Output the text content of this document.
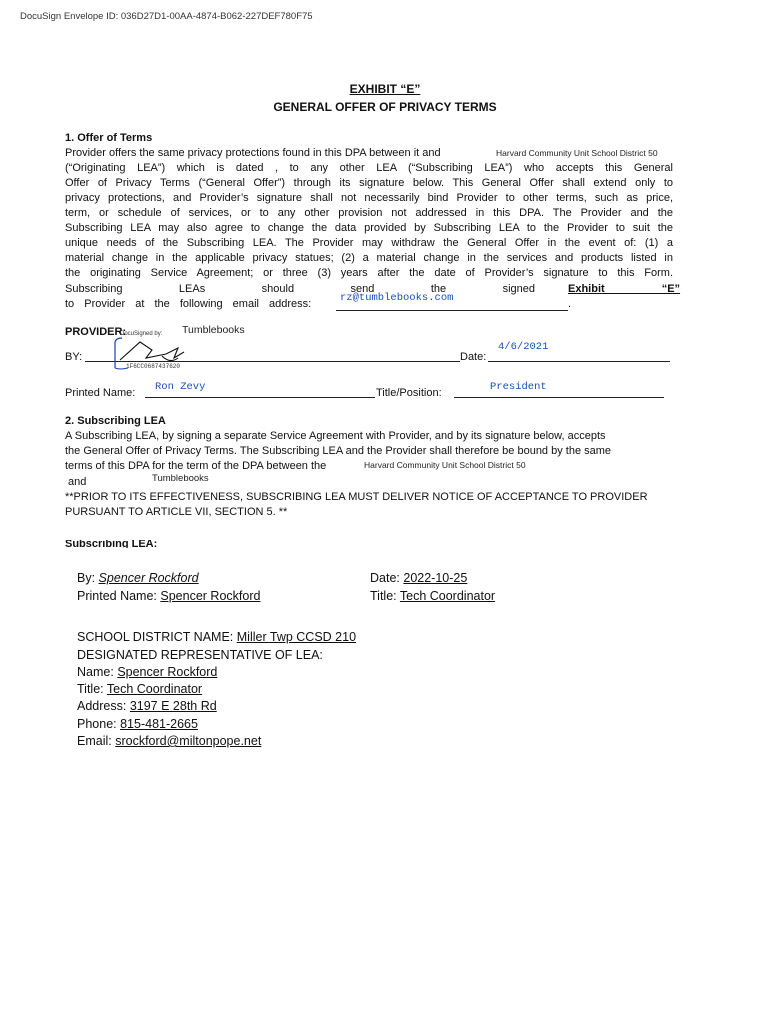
DocuSign Envelope ID: 036D27D1-00AA-4874-B062-227DEF780F75
EXHIBIT “E”
GENERAL OFFER OF PRIVACY TERMS
1. Offer of Terms
Provider offers the same privacy protections found in this DPA between it and	Harvard Community Unit School District 50
(“Originating LEA”) which is dated , to any other LEA (“Subscribing LEA”) who accepts this General
Offer of Privacy Terms (“General Offer”) through its signature below. This General Offer shall extend only to
privacy protections, and Provider’s signature shall not necessarily bind Provider to other terms, such as price,
term, or schedule of services, or to any other provision not addressed in this DPA. The Provider and the
Subscribing LEA may also agree to change the data provided by Subscribing LEA to the Provider to suit the
unique needs of the Subscribing LEA. The Provider may withdraw the General Offer in the event of: (1) a
material change in the applicable privacy statues; (2) a material change in the services and products listed in
the originating Service Agreement; or three (3) years after the date of Provider’s signature to this Form.
Subscribing LEAs should send the signed	Exhibit “E”
to Provider at the following email address:	.
rz@tumblebooks.com
PROVIDER:
DocuSigned by: Tumblebooks
BY:
1F6CC0687437620
Date:
4/6/2021
Printed Name: Ron Zevy	Title/Position:	President
2. Subscribing LEA
A Subscribing LEA, by signing a separate Service Agreement with Provider, and by its signature below, accepts
the General Offer of Privacy Terms. The Subscribing LEA and the Provider shall therefore be bound by the same
terms of this DPA for the term of the DPA between the	Harvard Community Unit School District 50
and	Tumblebooks
**PRIOR TO ITS EFFECTIVENESS, SUBSCRIBING LEA MUST DELIVER NOTICE OF ACCEPTANCE TO PROVIDER
PURSUANT TO ARTICLE VII, SECTION 5. **
Subscribing LEA:
By: Spencer Rockford	Date: 2022-10-25
Printed Name: Spencer Rockford	Title: Tech Coordinator
SCHOOL DISTRICT NAME: Miller Twp CCSD 210
DESIGNATED REPRESENTATIVE OF LEA:
Name: Spencer Rockford
Title: Tech Coordinator
Address: 3197 E 28th Rd
Phone: 815-481-2665
Email: srockford@miltonpope.net
